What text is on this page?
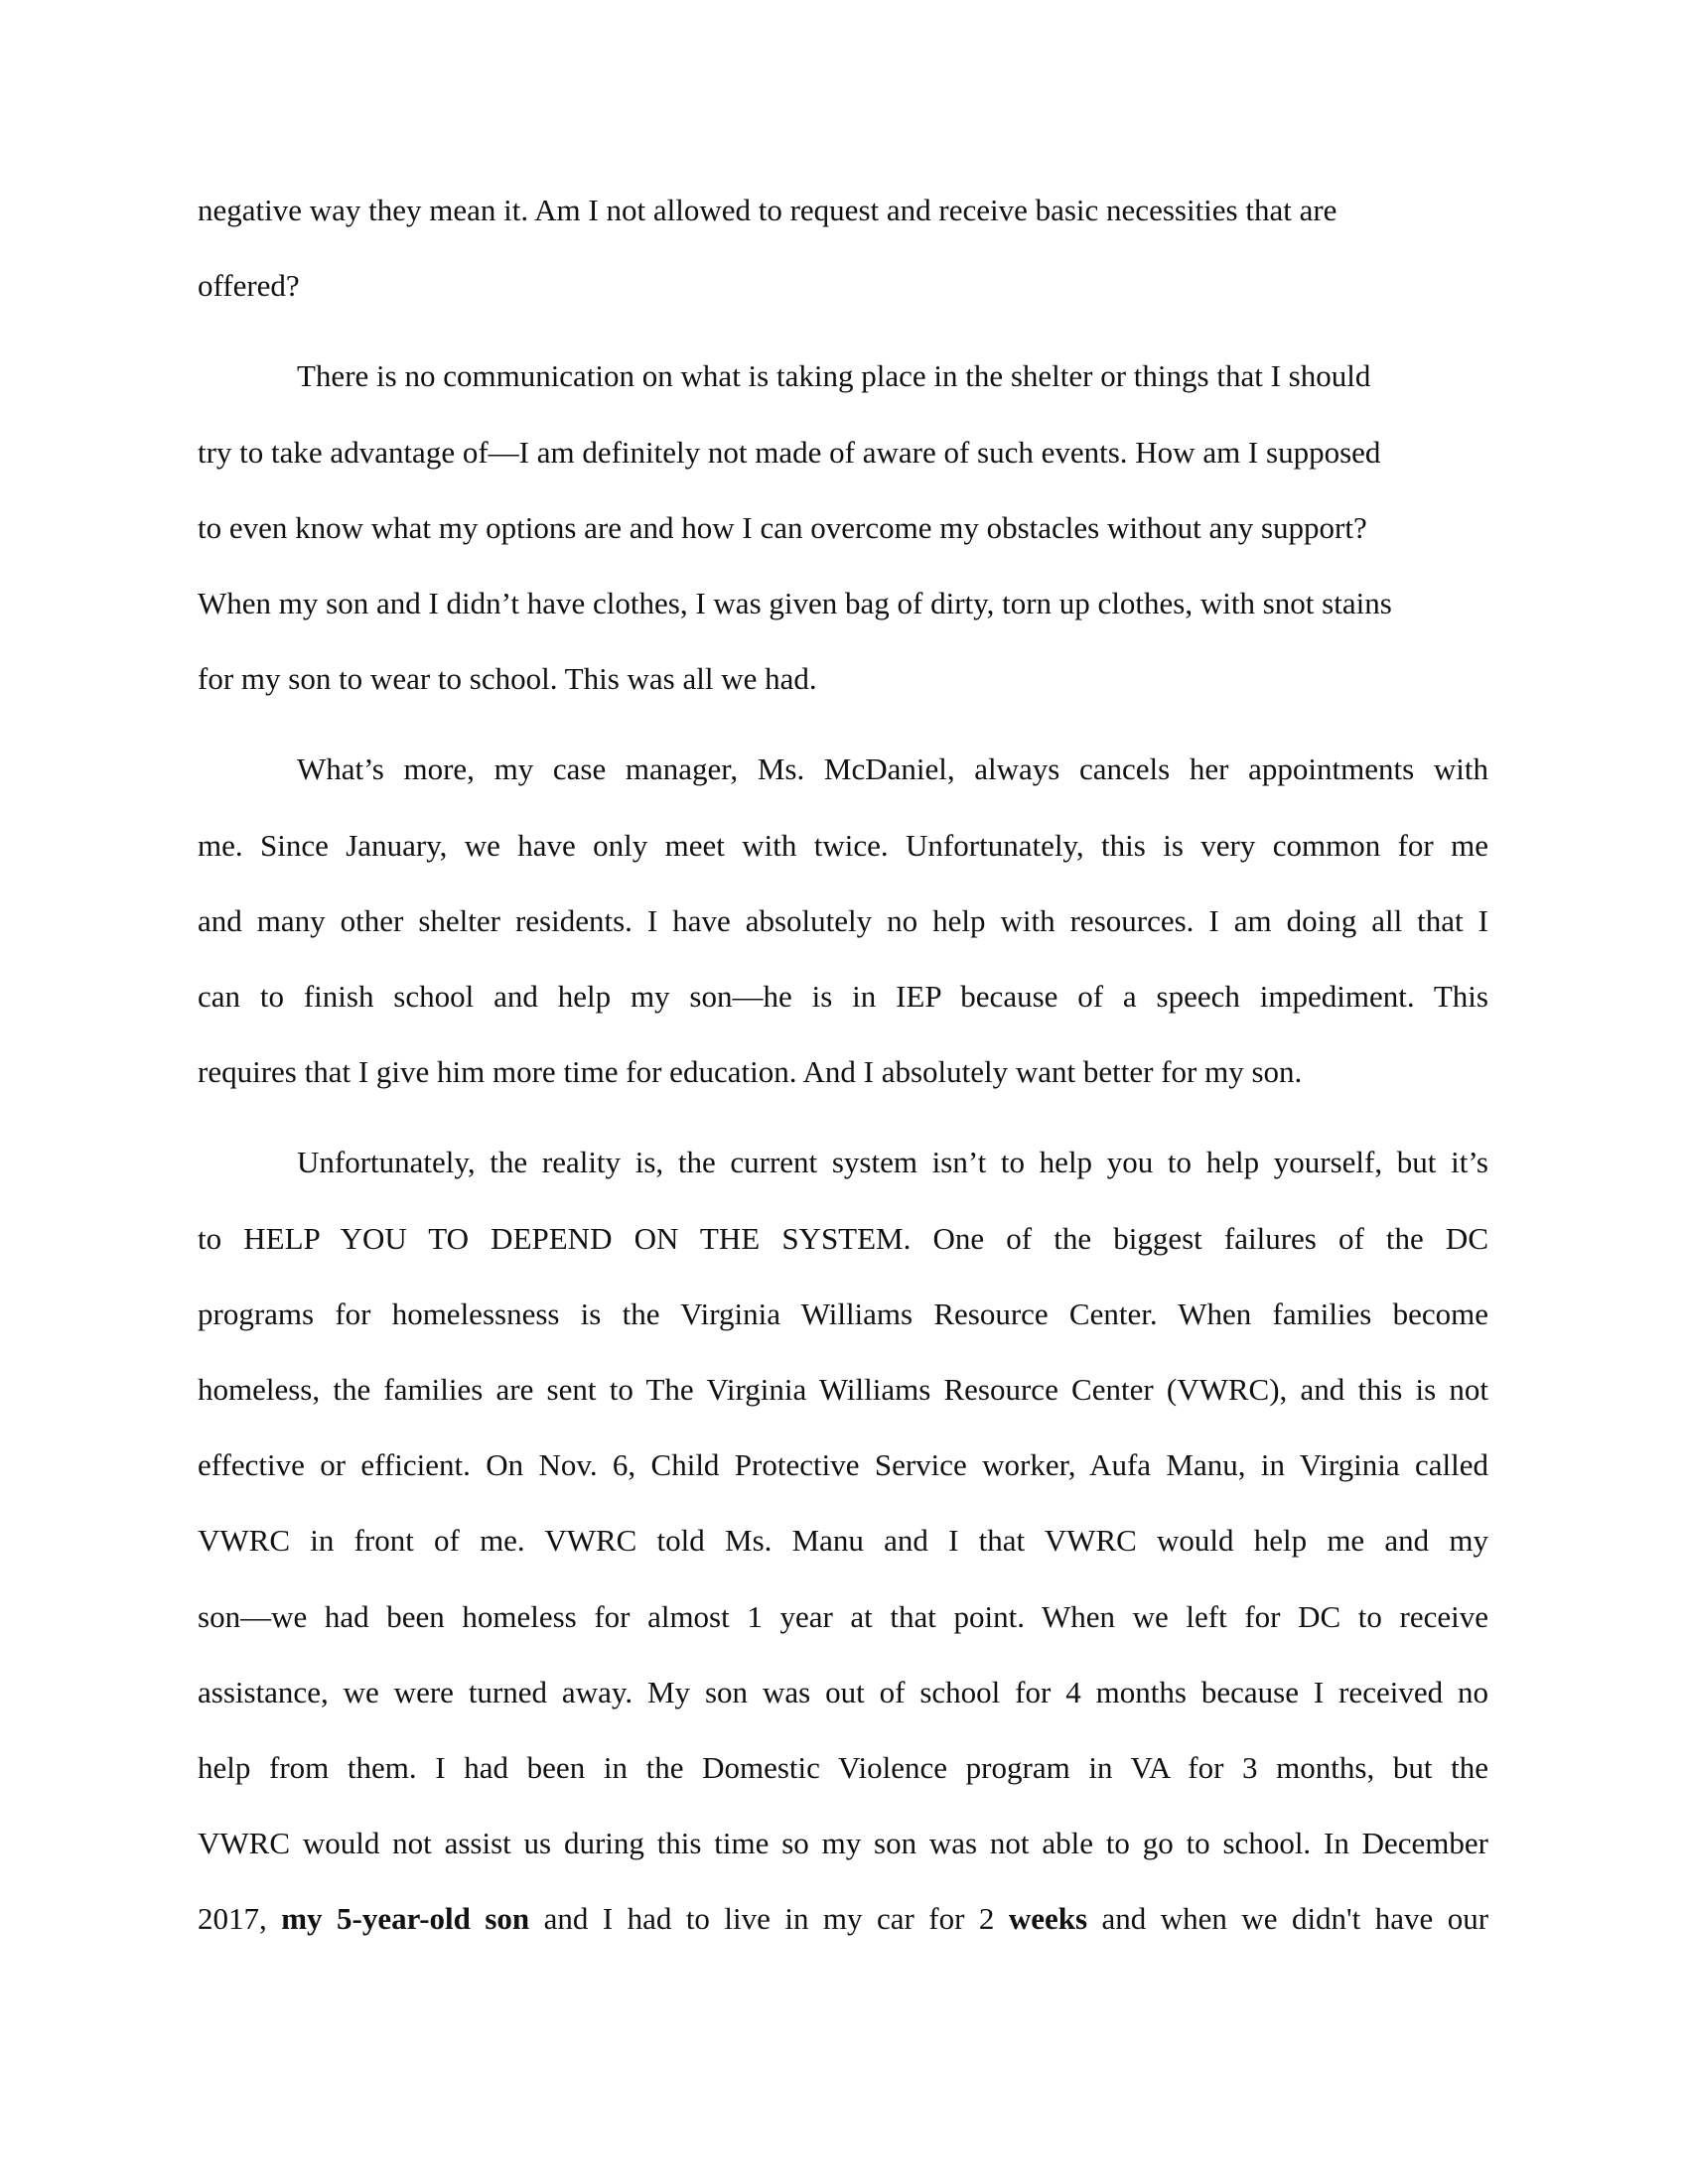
negative way they mean it. Am I not allowed to request and receive basic necessities that are
offered?
There is no communication on what is taking place in the shelter or things that I should
try to take advantage of—I am definitely not made of aware of such events. How am I supposed
to even know what my options are and how I can overcome my obstacles without any support?
When my son and I didn’t have clothes, I was given bag of dirty, torn up clothes, with snot stains
for my son to wear to school. This was all we had.
What’s more, my case manager, Ms. McDaniel, always cancels her appointments with
me. Since January, we have only meet with twice. Unfortunately, this is very common for me
and many other shelter residents. I have absolutely no help with resources. I am doing all that I
can to finish school and help my son—he is in IEP because of a speech impediment. This
requires that I give him more time for education. And I absolutely want better for my son.
Unfortunately, the reality is, the current system isn’t to help you to help yourself, but it’s
to HELP YOU TO DEPEND ON THE SYSTEM. One of the biggest failures of the DC
programs for homelessness is the Virginia Williams Resource Center. When families become
homeless, the families are sent to The Virginia Williams Resource Center (VWRC), and this is not
effective or efficient. On Nov. 6, Child Protective Service worker, Aufa Manu, in Virginia called
VWRC in front of me. VWRC told Ms. Manu and I that VWRC would help me and my
son—we had been homeless for almost 1 year at that point. When we left for DC to receive
assistance, we were turned away. My son was out of school for 4 months because I received no
help from them. I had been in the Domestic Violence program in VA for 3 months, but the
VWRC would not assist us during this time so my son was not able to go to school. In December
2017, my 5-year-old son and I had to live in my car for 2 weeks and when we didn't have our
